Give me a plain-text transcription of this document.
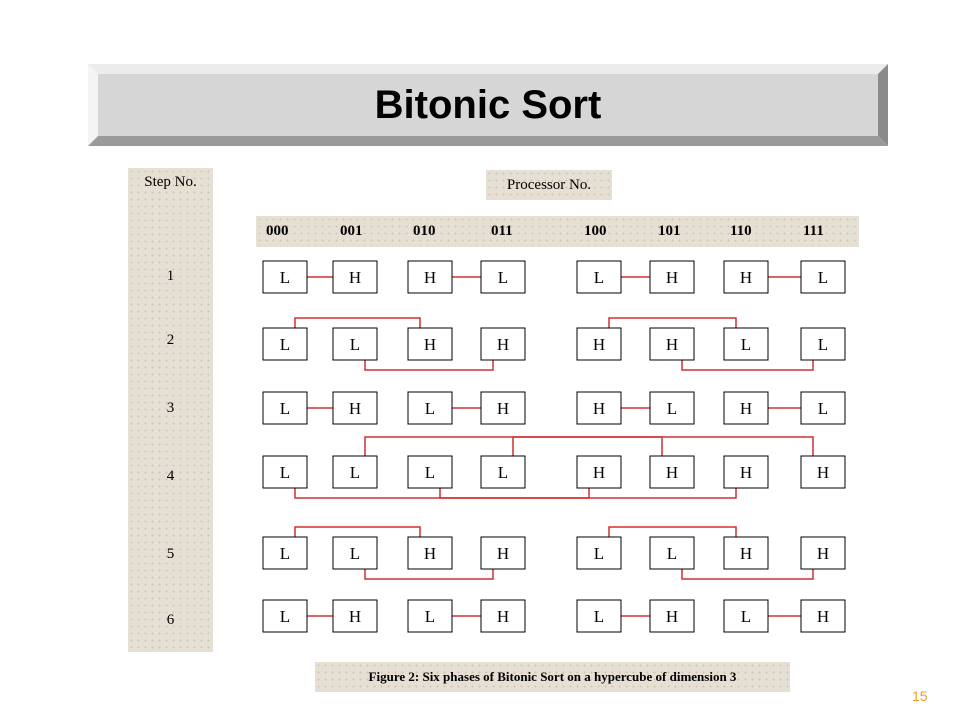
Bitonic Sort
Step No.
1
2
3
4
5
6
Processor No.
000	001	010	011	100	101	110	111
L	H	H	L	L	H	H	L
L	L	H	H	H	H	L	L
L	H	L	H	H	L	H	L
L	L	L	L	H	H	H	H
L	L	H	H	L	L	H	H
L	H	L	H	L	H	L	H
Figure 2: Six phases of Bitonic Sort on a hypercube of dimension 3
15
